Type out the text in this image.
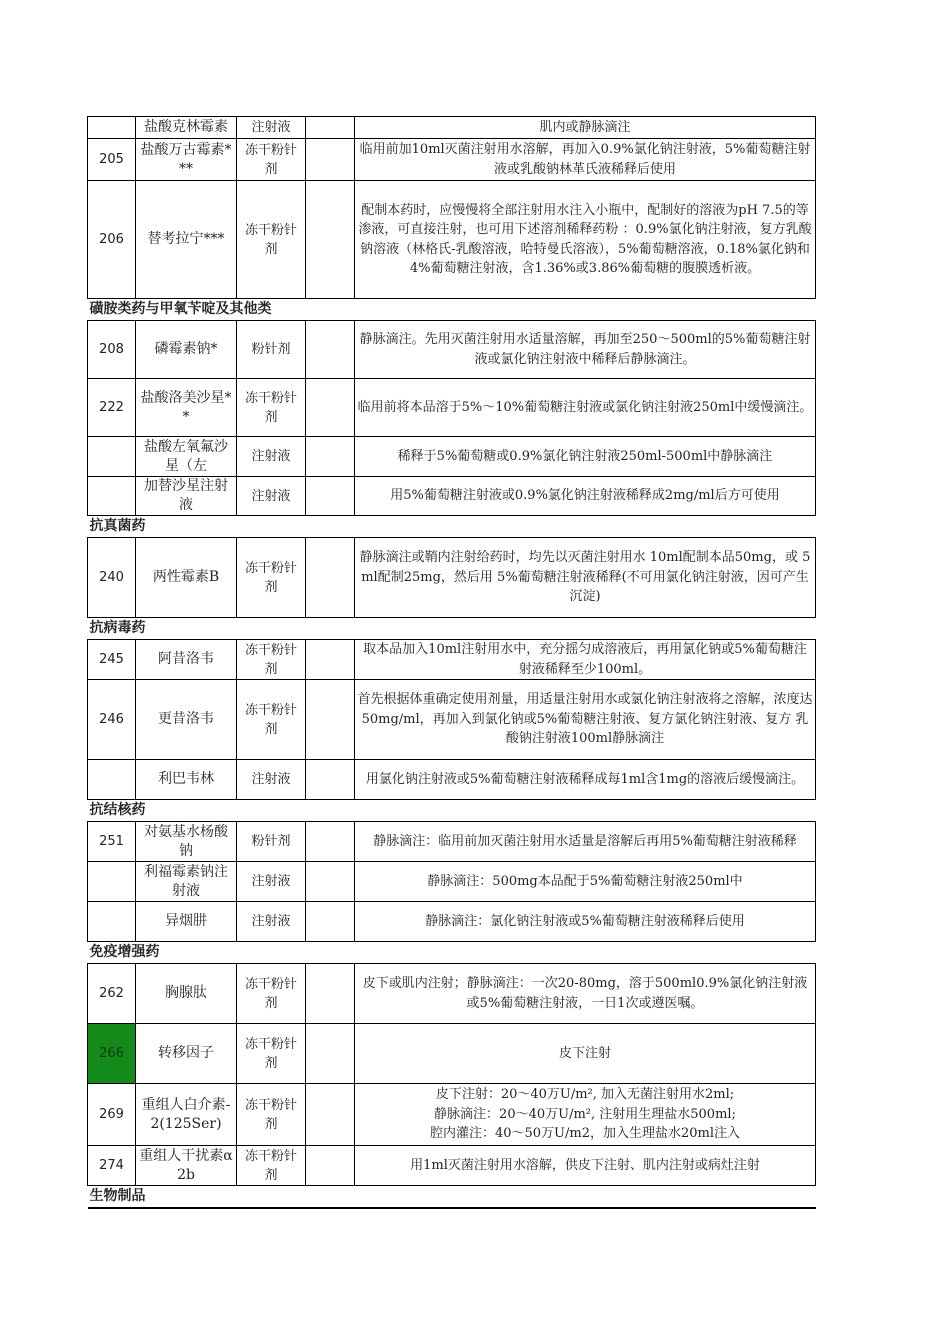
	盐酸克林霉素	注射液		肌内或静脉滴注
205	盐酸万古霉素***	冻干粉针剂		临用前加10ml灭菌注射用水溶解，再加入0.9%氯化钠注射液，5%葡萄糖注射液或乳酸钠林革氏液稀释后使用
206	替考拉宁***	冻干粉针剂		配制本药时，应慢慢将全部注射用水注入小瓶中，配制好的溶液为pH 7.5的等渗液，可直接注射，也可用下述溶剂稀释药粉 ：0.9%氯化钠注射液，复方乳酸钠溶液（林格氏-乳酸溶液，哈特曼氏溶液），5%葡萄糖溶液，0.18%氯化钠和4%葡萄糖注射液，含1.36%或3.86%葡萄糖的腹膜透析液。
磺胺类药与甲氧苄啶及其他类				
208	磷霉素钠*	粉针剂		静脉滴注。先用灭菌注射用水适量溶解，再加至250～500ml的5%葡萄糖注射液或氯化钠注射液中稀释后静脉滴注。
222	盐酸洛美沙星**	冻干粉针剂		临用前将本品溶于5%～10%葡萄糖注射液或氯化钠注射液250ml中缓慢滴注。
	盐酸左氧氟沙星（左	注射液		稀释于5%葡萄糖或0.9%氯化钠注射液250ml-500ml中静脉滴注
	加替沙星注射液	注射液		用5%葡萄糖注射液或0.9%氯化钠注射液稀释成2mg/ml后方可使用
抗真菌药				
240	两性霉素B	冻干粉针剂		静脉滴注或鞘内注射给药时，均先以灭菌注射用水 10ml配制本品50mg，或 5ml配制25mg，然后用 5%葡萄糖注射液稀释(不可用氯化钠注射液，因可产生沉淀)
抗病毒药				
245	阿昔洛韦	冻干粉针剂		取本品加入10ml注射用水中，充分摇匀成溶液后，再用氯化钠或5%葡萄糖注射液稀释至少100ml。
246	更昔洛韦	冻干粉针剂		首先根据体重确定使用剂量，用适量注射用水或氯化钠注射液将之溶解，浓度达50mg/ml，再加入到氯化钠或5%葡萄糖注射液、复方氯化钠注射液、复方 乳酸钠注射液100ml静脉滴注
	利巴韦林	注射液		用氯化钠注射液或5%葡萄糖注射液稀释成每1ml含1mg的溶液后缓慢滴注。
抗结核药				
251	对氨基水杨酸钠	粉针剂		静脉滴注：临用前加灭菌注射用水适量是溶解后再用5%葡萄糖注射液稀释
	利福霉素钠注射液	注射液		静脉滴注：500mg本品配于5%葡萄糖注射液250ml中
	异烟肼	注射液		静脉滴注：氯化钠注射液或5%葡萄糖注射液稀释后使用
免疫增强药				
262	胸腺肽	冻干粉针剂		皮下或肌内注射；静脉滴注：一次20-80mg，溶于500ml0.9%氯化钠注射液或5%葡萄糖注射液，一日1次或遵医嘱。
266	转移因子	冻干粉针剂		皮下注射
269	重组人白介素-2(125Ser)	冻干粉针剂		皮下注射：20～40万U/m², 加入无菌注射用水2ml;
静脉滴注：20～40万U/m², 注射用生理盐水500ml;
腔内灌注：40～50万U/m2，加入生理盐水20ml注入

274	重组人干扰素α2b	冻干粉针剂		用1ml灭菌注射用水溶解，供皮下注射、肌内注射或病灶注射
生物制品				
